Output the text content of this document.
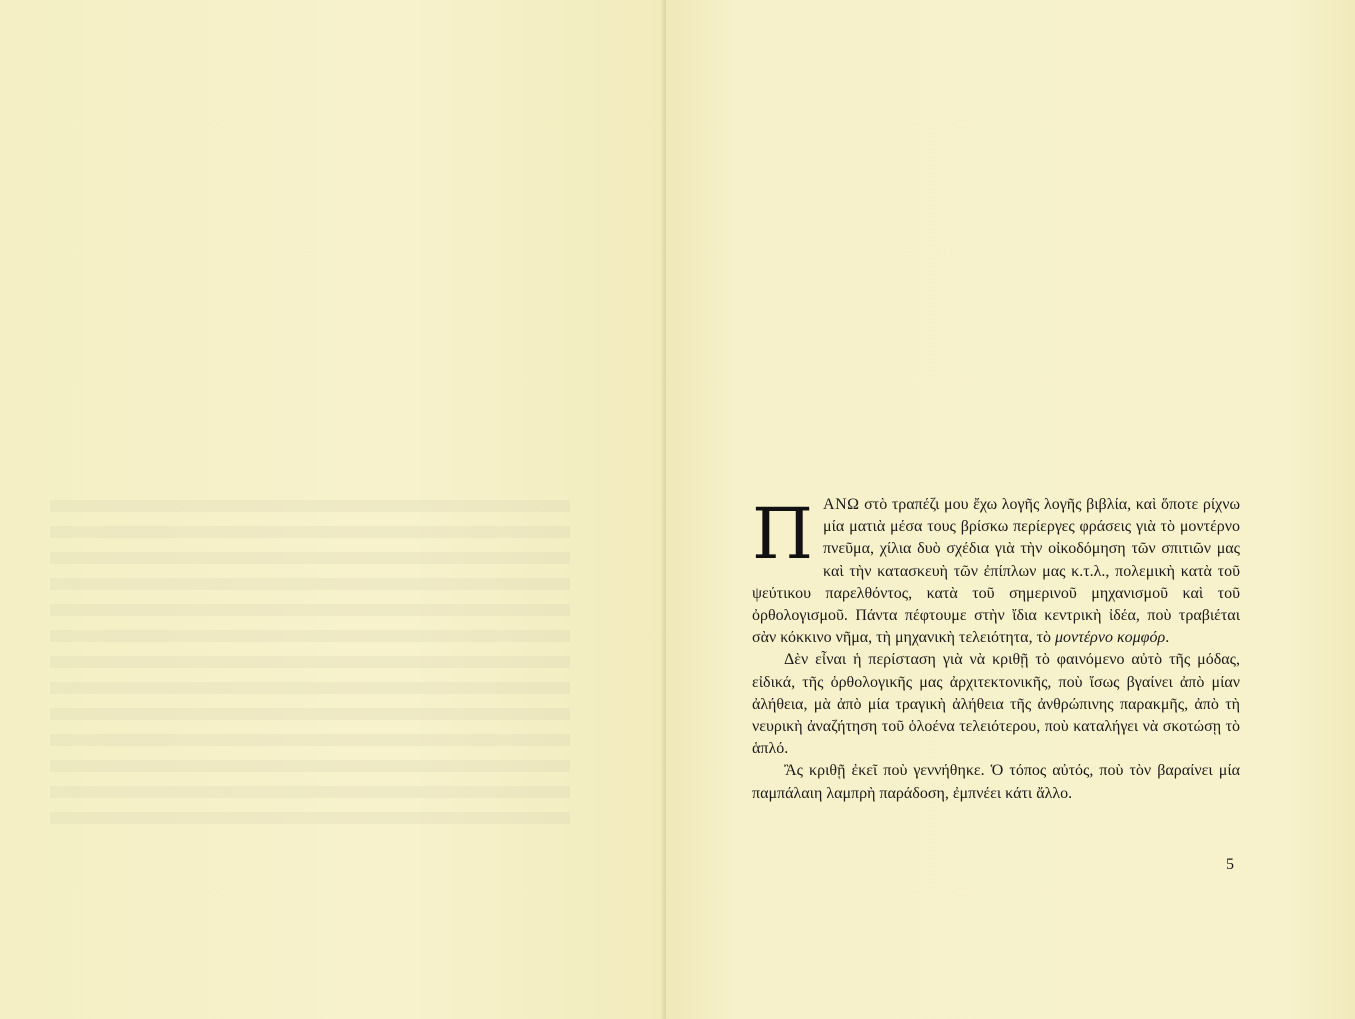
ΠΑΝΩ στὸ τραπέζι μου ἔχω λογῆς λογῆς βιβλία, καὶ ὅποτε ρίχνω μία ματιὰ μέσα τους βρίσκω περίεργες φράσεις γιὰ τὸ μοντέρνο πνεῦμα, χίλια δυὸ σχέδια γιὰ τὴν οἰκοδόμηση τῶν σπιτιῶν μας καὶ τὴν κατασκευὴ τῶν ἐπίπλων μας κ.τ.λ., πολεμικὴ κατὰ τοῦ ψεύτικου παρελθόντος, κατὰ τοῦ σημερινοῦ μηχανισμοῦ καὶ τοῦ ὀρθολογισμοῦ. Πάντα πέφτουμε στὴν ἴδια κεντρικὴ ἰδέα, ποὺ τραβιέται σὰν κόκκινο νῆμα, τὴ μηχανικὴ τελειότητα, τὸ μοντέρνο κομφόρ.

Δὲν εἶναι ἡ περίσταση γιὰ νὰ κριθῇ τὸ φαινόμενο αὐτὸ τῆς μόδας, εἰδικά, τῆς ὀρθολογικῆς μας ἀρχιτεκτονικῆς, ποὺ ἴσως βγαίνει ἀπὸ μίαν ἀλήθεια, μὰ ἀπὸ μία τραγικὴ ἀλήθεια τῆς ἀνθρώπινης παρακμῆς, ἀπὸ τὴ νευρικὴ ἀναζήτηση τοῦ ὁλοένα τελειότερου, ποὺ καταλήγει νὰ σκοτώσῃ τὸ ἁπλό.

Ἂς κριθῇ ἐκεῖ ποὺ γεννήθηκε. Ὁ τόπος αὐτός, ποὺ τὸν βαραίνει μία παμπάλαιη λαμπρὴ παράδοση, ἐμπνέει κάτι ἄλλο.

5
